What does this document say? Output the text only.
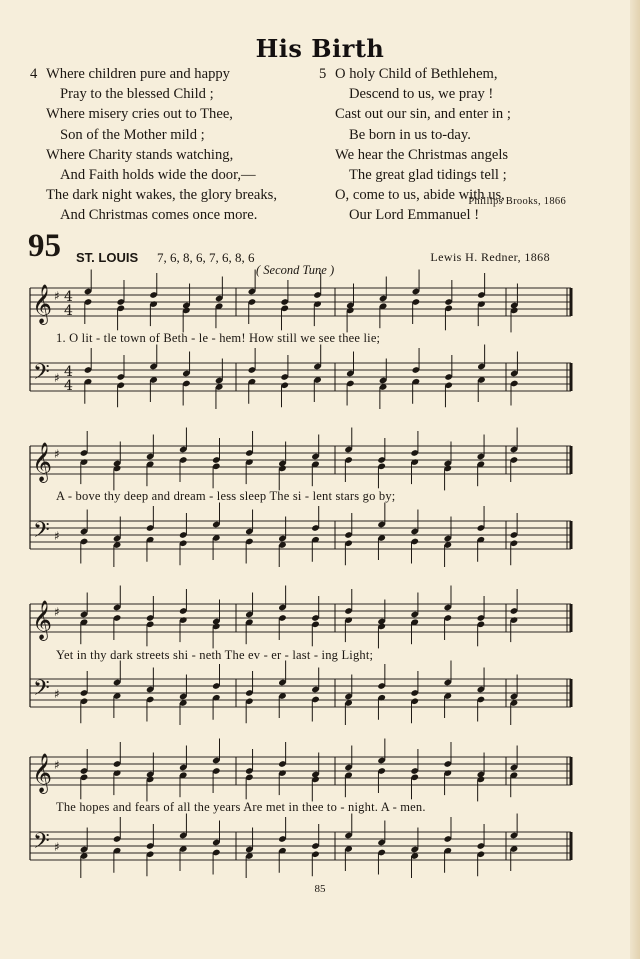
His Birth
4 Where children pure and happy
Pray to the blessed Child ;
Where misery cries out to Thee,
Son of the Mother mild ;
Where Charity stands watching,
And Faith holds wide the door,—
The dark night wakes, the glory breaks,
And Christmas comes once more.
5 O holy Child of Bethlehem,
Descend to us, we pray !
Cast out our sin, and enter in ;
Be born in us to-day.
We hear the Christmas angels
The great glad tidings tell ;
O, come to us, abide with us,
Our Lord Emmanuel !
Phillips Brooks, 1866
95 ST. LOUIS 7, 6, 8, 6, 7, 6, 8, 6	Lewis H. Redner, 1868
( Second Tune )
𝄞
𝄢
♯
♯
4
4
4
4
𝄞
𝄢
♯
♯
𝄞
𝄢
♯
♯
𝄞
𝄢
♯
♯
1. O lit - tle town of Beth - le - hem! How still we see thee lie;
A - bove thy deep and dream - less sleep The si - lent stars go by;
Yet in thy dark streets shi - neth The ev - er - last - ing Light;
The hopes and fears of all the years Are met in thee to - night. A - men.
85
